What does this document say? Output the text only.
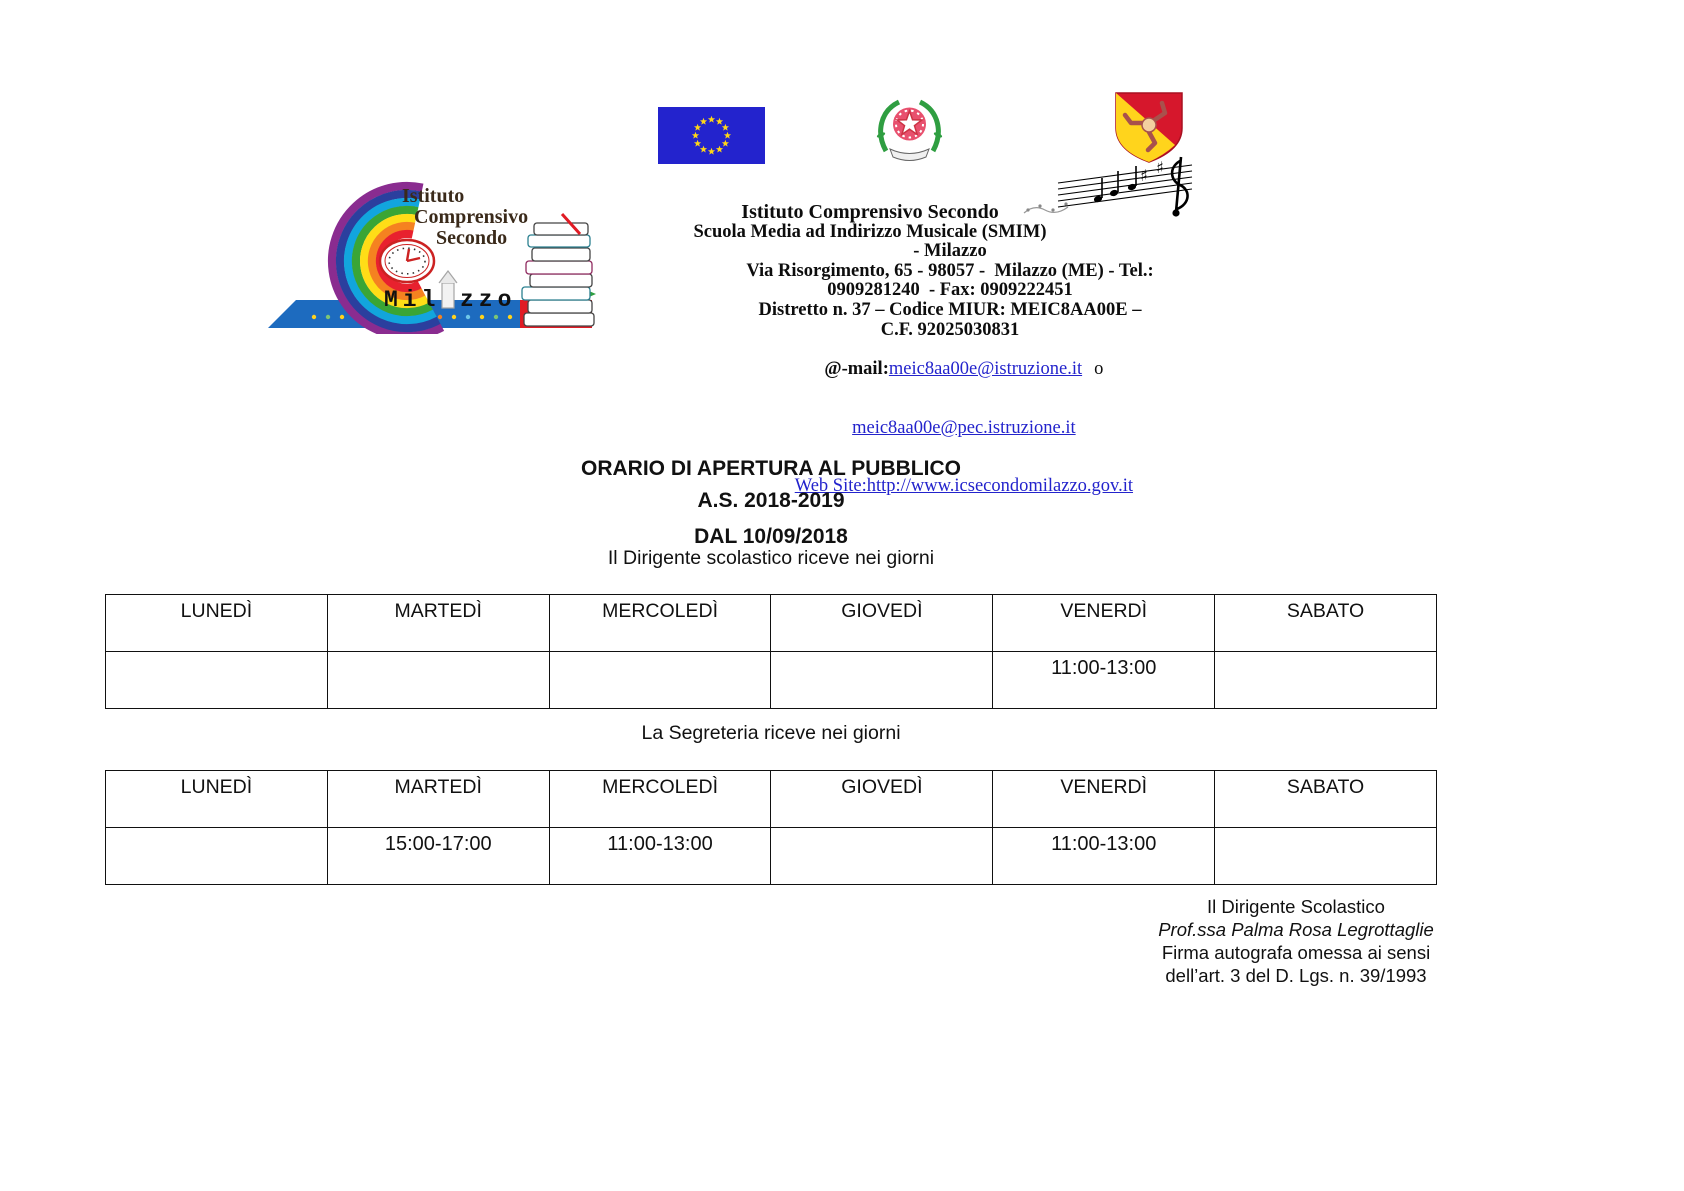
♯ ♯
Istituto
Comprensivo
Secondo
Mil zzo
Istituto Comprensivo Secondo
Scuola Media ad Indirizzo Musicale (SMIM)
- Milazzo
Via Risorgimento, 65 - 98057 -  Milazzo (ME) - Tel.:
0909281240  - Fax: 0909222451
Distretto n. 37 – Codice MIUR: MEIC8AA00E –
C.F. 92025030831

@-mail:meic8aa00e@istruzione.it o

meic8aa00e@pec.istruzione.it

Web Site:http://www.icsecondomilazzo.gov.it

ORARIO DI APERTURA AL PUBBLICO
A.S. 2018-2019
DAL 10/09/2018
Il Dirigente scolastico riceve nei giorni
LUNEDÌ	MARTEDÌ	MERCOLEDÌ	GIOVEDÌ	VENERDÌ	SABATO
				11:00-13:00	
La Segreteria riceve nei giorni
LUNEDÌ	MARTEDÌ	MERCOLEDÌ	GIOVEDÌ	VENERDÌ	SABATO
	15:00-17:00	11:00-13:00		11:00-13:00	
Il Dirigente Scolastico
Prof.ssa Palma Rosa Legrottaglie
Firma autografa omessa ai sensi
dell’art. 3 del D. Lgs. n. 39/1993
